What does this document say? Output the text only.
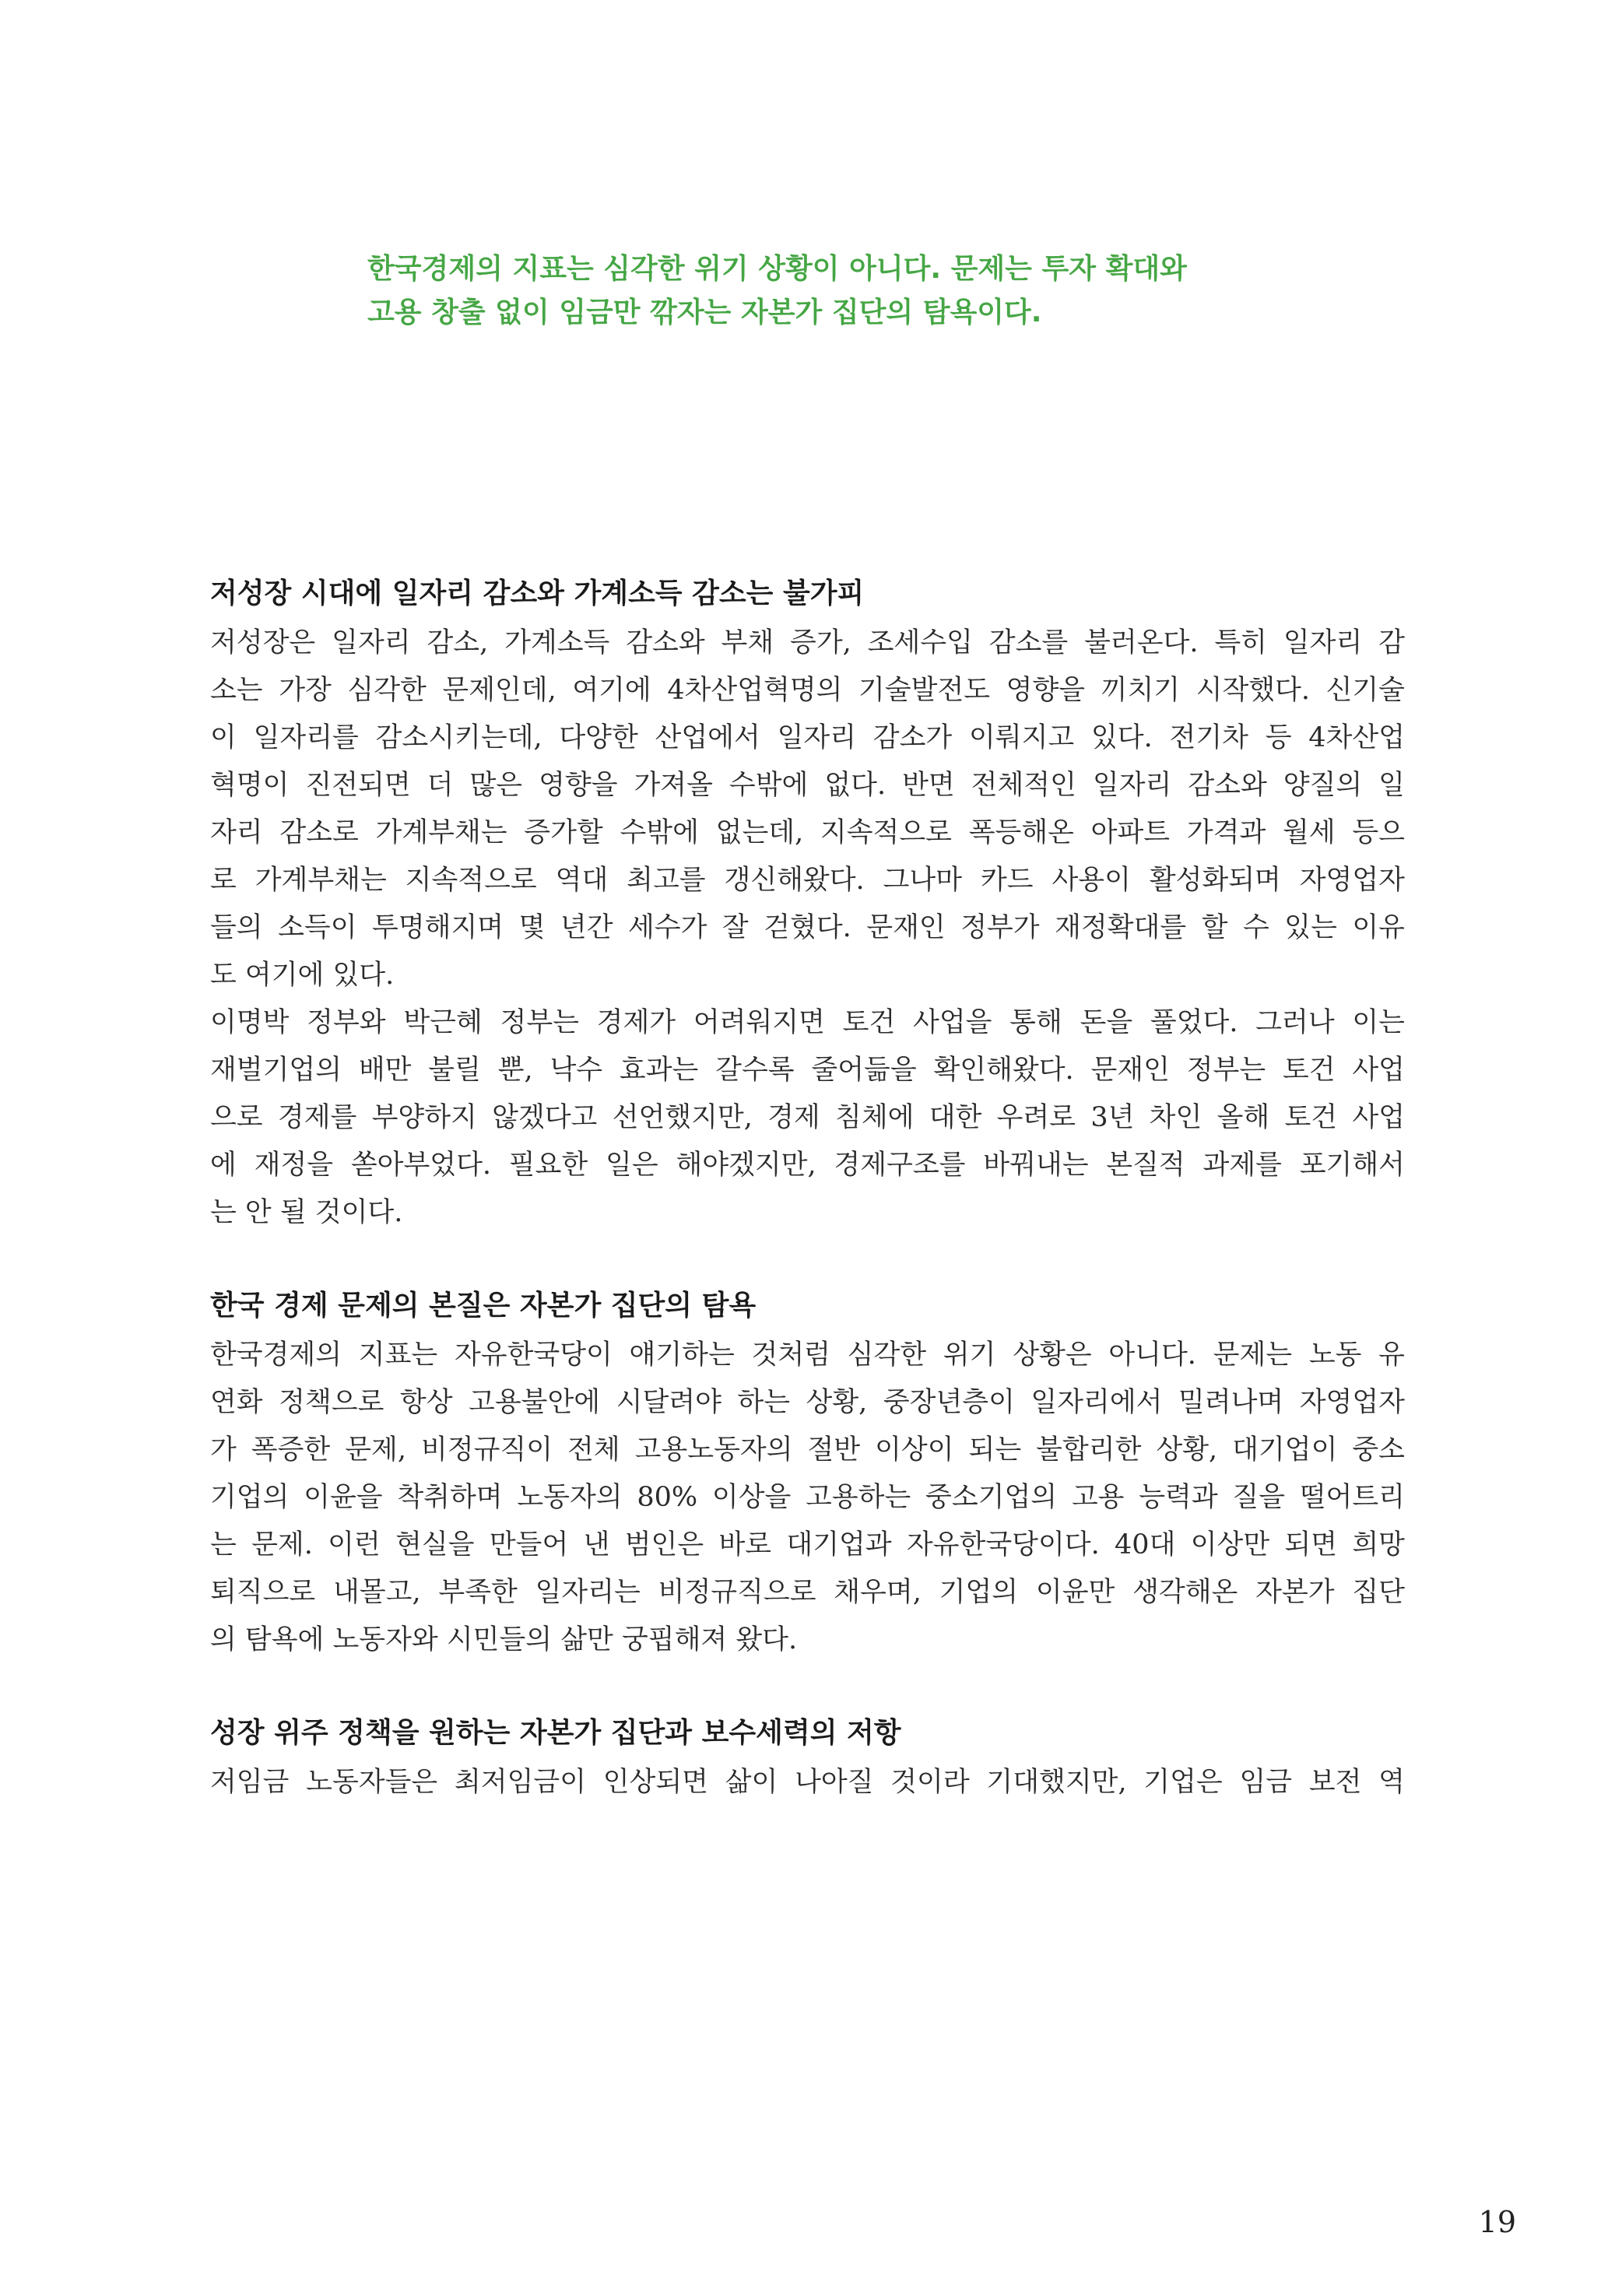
한국경제의 지표는 심각한 위기 상황이 아니다. 문제는 투자 확대와
고용 창출 없이 임금만 깎자는 자본가 집단의 탐욕이다.
저성장 시대에 일자리 감소와 가계소득 감소는 불가피

저성장은 일자리 감소, 가계소득 감소와 부채 증가, 조세수입 감소를 불러온다. 특히 일자리 감
소는 가장 심각한 문제인데, 여기에 4차산업혁명의 기술발전도 영향을 끼치기 시작했다. 신기술
이 일자리를 감소시키는데, 다양한 산업에서 일자리 감소가 이뤄지고 있다. 전기차 등 4차산업
혁명이 진전되면 더 많은 영향을 가져올 수밖에 없다. 반면 전체적인 일자리 감소와 양질의 일
자리 감소로 가계부채는 증가할 수밖에 없는데, 지속적으로 폭등해온 아파트 가격과 월세 등으
로 가계부채는 지속적으로 역대 최고를 갱신해왔다. 그나마 카드 사용이 활성화되며 자영업자
들의 소득이 투명해지며 몇 년간 세수가 잘 걷혔다. 문재인 정부가 재정확대를 할 수 있는 이유
도 여기에 있다.

이명박 정부와 박근혜 정부는 경제가 어려워지면 토건 사업을 통해 돈을 풀었다. 그러나 이는
재벌기업의 배만 불릴 뿐, 낙수 효과는 갈수록 줄어듦을 확인해왔다. 문재인 정부는 토건 사업
으로 경제를 부양하지 않겠다고 선언했지만, 경제 침체에 대한 우려로 3년 차인 올해 토건 사업
에 재정을 쏟아부었다. 필요한 일은 해야겠지만, 경제구조를 바꿔내는 본질적 과제를 포기해서
는 안 될 것이다.

한국 경제 문제의 본질은 자본가 집단의 탐욕

한국경제의 지표는 자유한국당이 얘기하는 것처럼 심각한 위기 상황은 아니다. 문제는 노동 유
연화 정책으로 항상 고용불안에 시달려야 하는 상황, 중장년층이 일자리에서 밀려나며 자영업자
가 폭증한 문제, 비정규직이 전체 고용노동자의 절반 이상이 되는 불합리한 상황, 대기업이 중소
기업의 이윤을 착취하며 노동자의 80% 이상을 고용하는 중소기업의 고용 능력과 질을 떨어트리
는 문제. 이런 현실을 만들어 낸 범인은 바로 대기업과 자유한국당이다. 40대 이상만 되면 희망
퇴직으로 내몰고, 부족한 일자리는 비정규직으로 채우며, 기업의 이윤만 생각해온 자본가 집단
의 탐욕에 노동자와 시민들의 삶만 궁핍해져 왔다.

성장 위주 정책을 원하는 자본가 집단과 보수세력의 저항

저임금 노동자들은 최저임금이 인상되면 삶이 나아질 것이라 기대했지만, 기업은 임금 보전 역

19
